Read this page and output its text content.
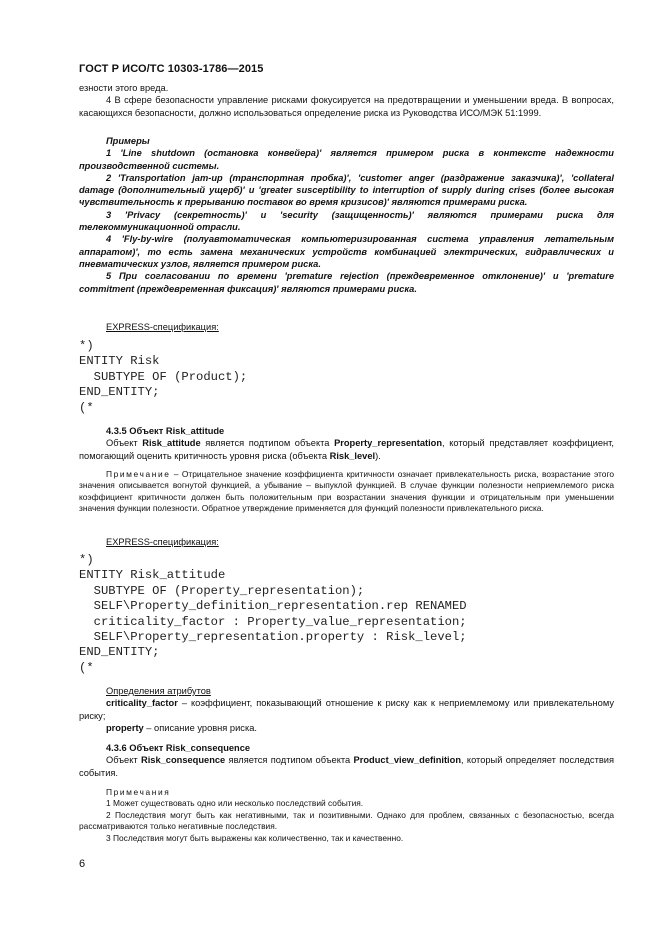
ГОСТ Р ИСО/ТС 10303-1786—2015

езности этого вреда.

4 В сфере безопасности управление рисками фокусируется на предотвращении и уменьшении вреда. В вопросах, касающихся безопасности, должно использоваться определение риска из Руководства ИСО/МЭК 51:1999.

Примеры

1 'Line shutdown (остановка конвейера)' является примером риска в контексте надежности производственной системы.

2 'Transportation jam-up (транспортная пробка)', 'customer anger (раздражение заказчика)', 'collateral damage (дополнительный ущерб)' и 'greater susceptibility to interruption of supply during crises (более высокая чувствительность к прерыванию поставок во время кризисов)' являются примерами риска.

3 'Privacy (секретность)' и 'security (защищенность)' являются примерами риска для телекоммуникационной отрасли.

4 'Fly-by-wire (полуавтоматическая компьютеризированная система управления летательным аппаратом)', то есть замена механических устройств комбинацией электрических, гидравлических и пневматических узлов, является примером риска.

5 При согласовании по времени 'premature rejection (преждевременное отклонение)' и 'premature commitment (преждевременная фиксация)' являются примерами риска.

EXPRESS-спецификация:

*)
ENTITY Risk
SUBTYPE OF (Product);
END_ENTITY;
(*

4.3.5 Объект Risk_attitude

Объект Risk_attitude является подтипом объекта Property_representation, который представляет коэффициент, помогающий оценить критичность уровня риска (объекта Risk_level).

Примечание – Отрицательное значение коэффициента критичности означает привлекательность риска, возрастание этого значения описывается вогнутой функцией, а убывание – выпуклой функцией. В случае функции полезности неприемлемого риска коэффициент критичности должен быть положительным при возрастании значения функции и отрицательным при уменьшении значения функции полезности. Обратное утверждение применяется для функций полезности привлекательного риска.

EXPRESS-спецификация:

*)
ENTITY Risk_attitude
SUBTYPE OF (Property_representation);
SELF\Property_definition_representation.rep RENAMED
criticality_factor : Property_value_representation;
SELF\Property_representation.property : Risk_level;
END_ENTITY;
(*

Определения атрибутов

criticality_factor – коэффициент, показывающий отношение к риску как к неприемлемому или привлекательному риску;

property – описание уровня риска.

4.3.6 Объект Risk_consequence

Объект Risk_consequence является подтипом объекта Product_view_definition, который определяет последствия события.

Примечания

1 Может существовать одно или несколько последствий события.

2 Последствия могут быть как негативными, так и позитивными. Однако для проблем, связанных с безопасностью, всегда рассматриваются только негативные последствия.

3 Последствия могут быть выражены как количественно, так и качественно.

6
